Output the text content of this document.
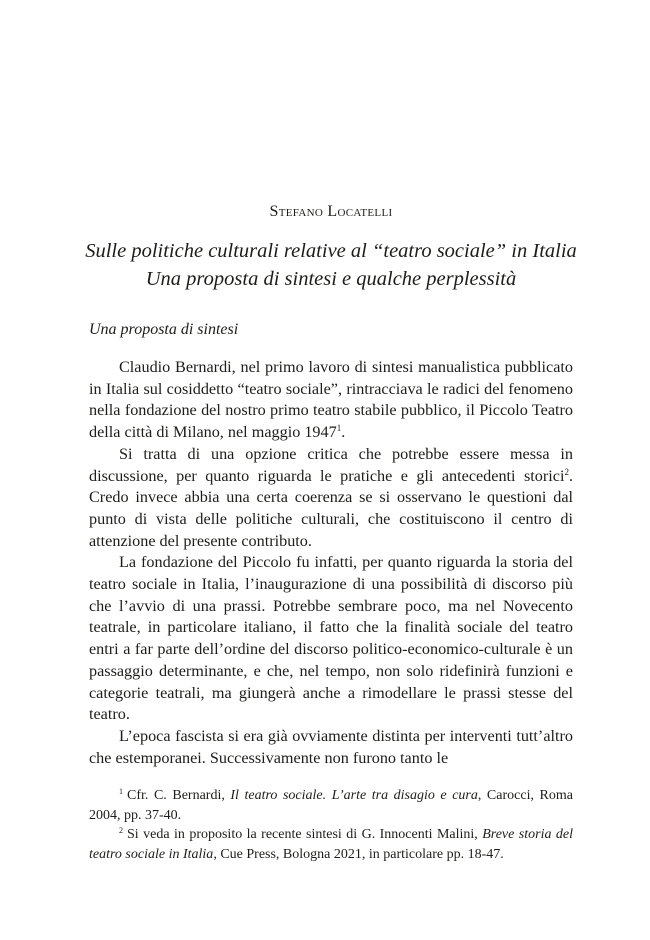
Stefano Locatelli
Sulle politiche culturali relative al “teatro sociale” in Italia
Una proposta di sintesi e qualche perplessità
Una proposta di sintesi

Claudio Bernardi, nel primo lavoro di sintesi manualistica pubblicato in Italia sul cosiddetto “teatro sociale”, rintracciava le radici del fenomeno nella fondazione del nostro primo teatro stabile pubblico, il Piccolo Teatro della città di Milano, nel maggio 1947$^1$.

Si tratta di una opzione critica che potrebbe essere messa in discussione, per quanto riguarda le pratiche e gli antecedenti storici$^2$. Credo invece abbia una certa coerenza se si osservano le questioni dal punto di vista delle politiche culturali, che costituiscono il centro di attenzione del presente contributo.

La fondazione del Piccolo fu infatti, per quanto riguarda la storia del teatro sociale in Italia, l’inaugurazione di una possibilità di discorso più che l’avvio di una prassi. Potrebbe sembrare poco, ma nel Novecento teatrale, in particolare italiano, il fatto che la finalità sociale del teatro entri a far parte dell’ordine del discorso politico-economico-culturale è un passaggio determinante, e che, nel tempo, non solo ridefinirà funzioni e categorie teatrali, ma giungerà anche a rimodellare le prassi stesse del teatro.

L’epoca fascista si era già ovviamente distinta per interventi tutt’altro che estemporanei. Successivamente non furono tanto le

$^1$ Cfr. C. Bernardi, Il teatro sociale. L’arte tra disagio e cura, Carocci, Roma 2004, pp. 37-40.

$^2$ Si veda in proposito la recente sintesi di G. Innocenti Malini, Breve storia del teatro sociale in Italia, Cue Press, Bologna 2021, in particolare pp. 18-47.
